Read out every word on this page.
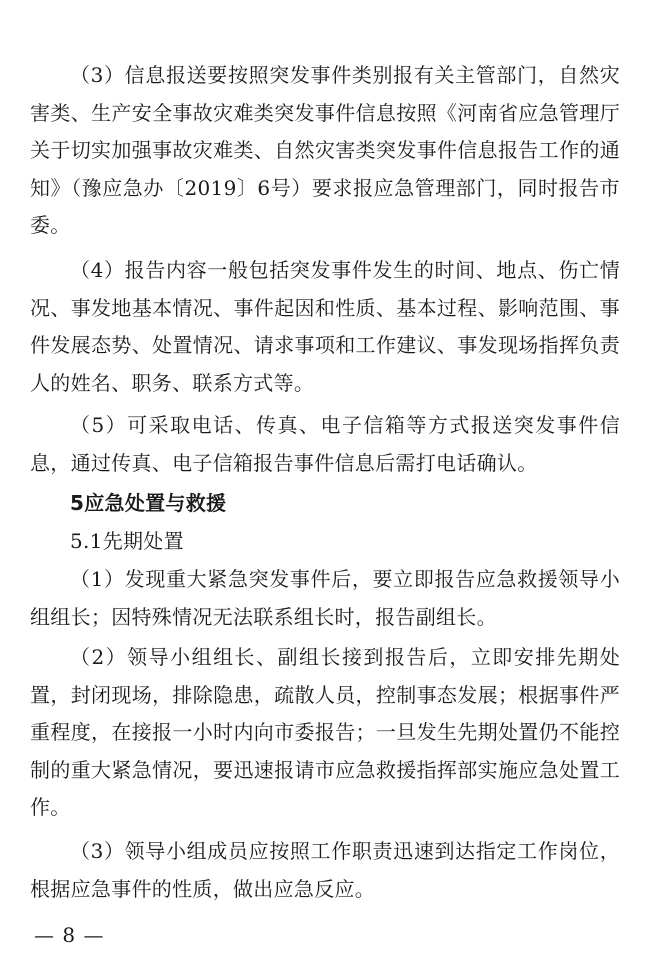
（3）信息报送要按照突发事件类别报有关主管部门，自然灾害类、生产安全事故灾难类突发事件信息按照《河南省应急管理厅关于切实加强事故灾难类、自然灾害类突发事件信息报告工作的通知》（豫应急办〔2019〕6号）要求报应急管理部门，同时报告市委。

（4）报告内容一般包括突发事件发生的时间、地点、伤亡情况、事发地基本情况、事件起因和性质、基本过程、影响范围、事件发展态势、处置情况、请求事项和工作建议、事发现场指挥负责人的姓名、职务、联系方式等。

（5）可采取电话、传真、电子信箱等方式报送突发事件信息，通过传真、电子信箱报告事件信息后需打电话确认。

5应急处置与救援

5.1先期处置

（1）发现重大紧急突发事件后，要立即报告应急救援领导小组组长；因特殊情况无法联系组长时，报告副组长。

（2）领导小组组长、副组长接到报告后，立即安排先期处置，封闭现场，排除隐患，疏散人员，控制事态发展；根据事件严重程度，在接报一小时内向市委报告；一旦发生先期处置仍不能控制的重大紧急情况，要迅速报请市应急救援指挥部实施应急处置工作。

（3）领导小组成员应按照工作职责迅速到达指定工作岗位，根据应急事件的性质，做出应急反应。

— 8 —
